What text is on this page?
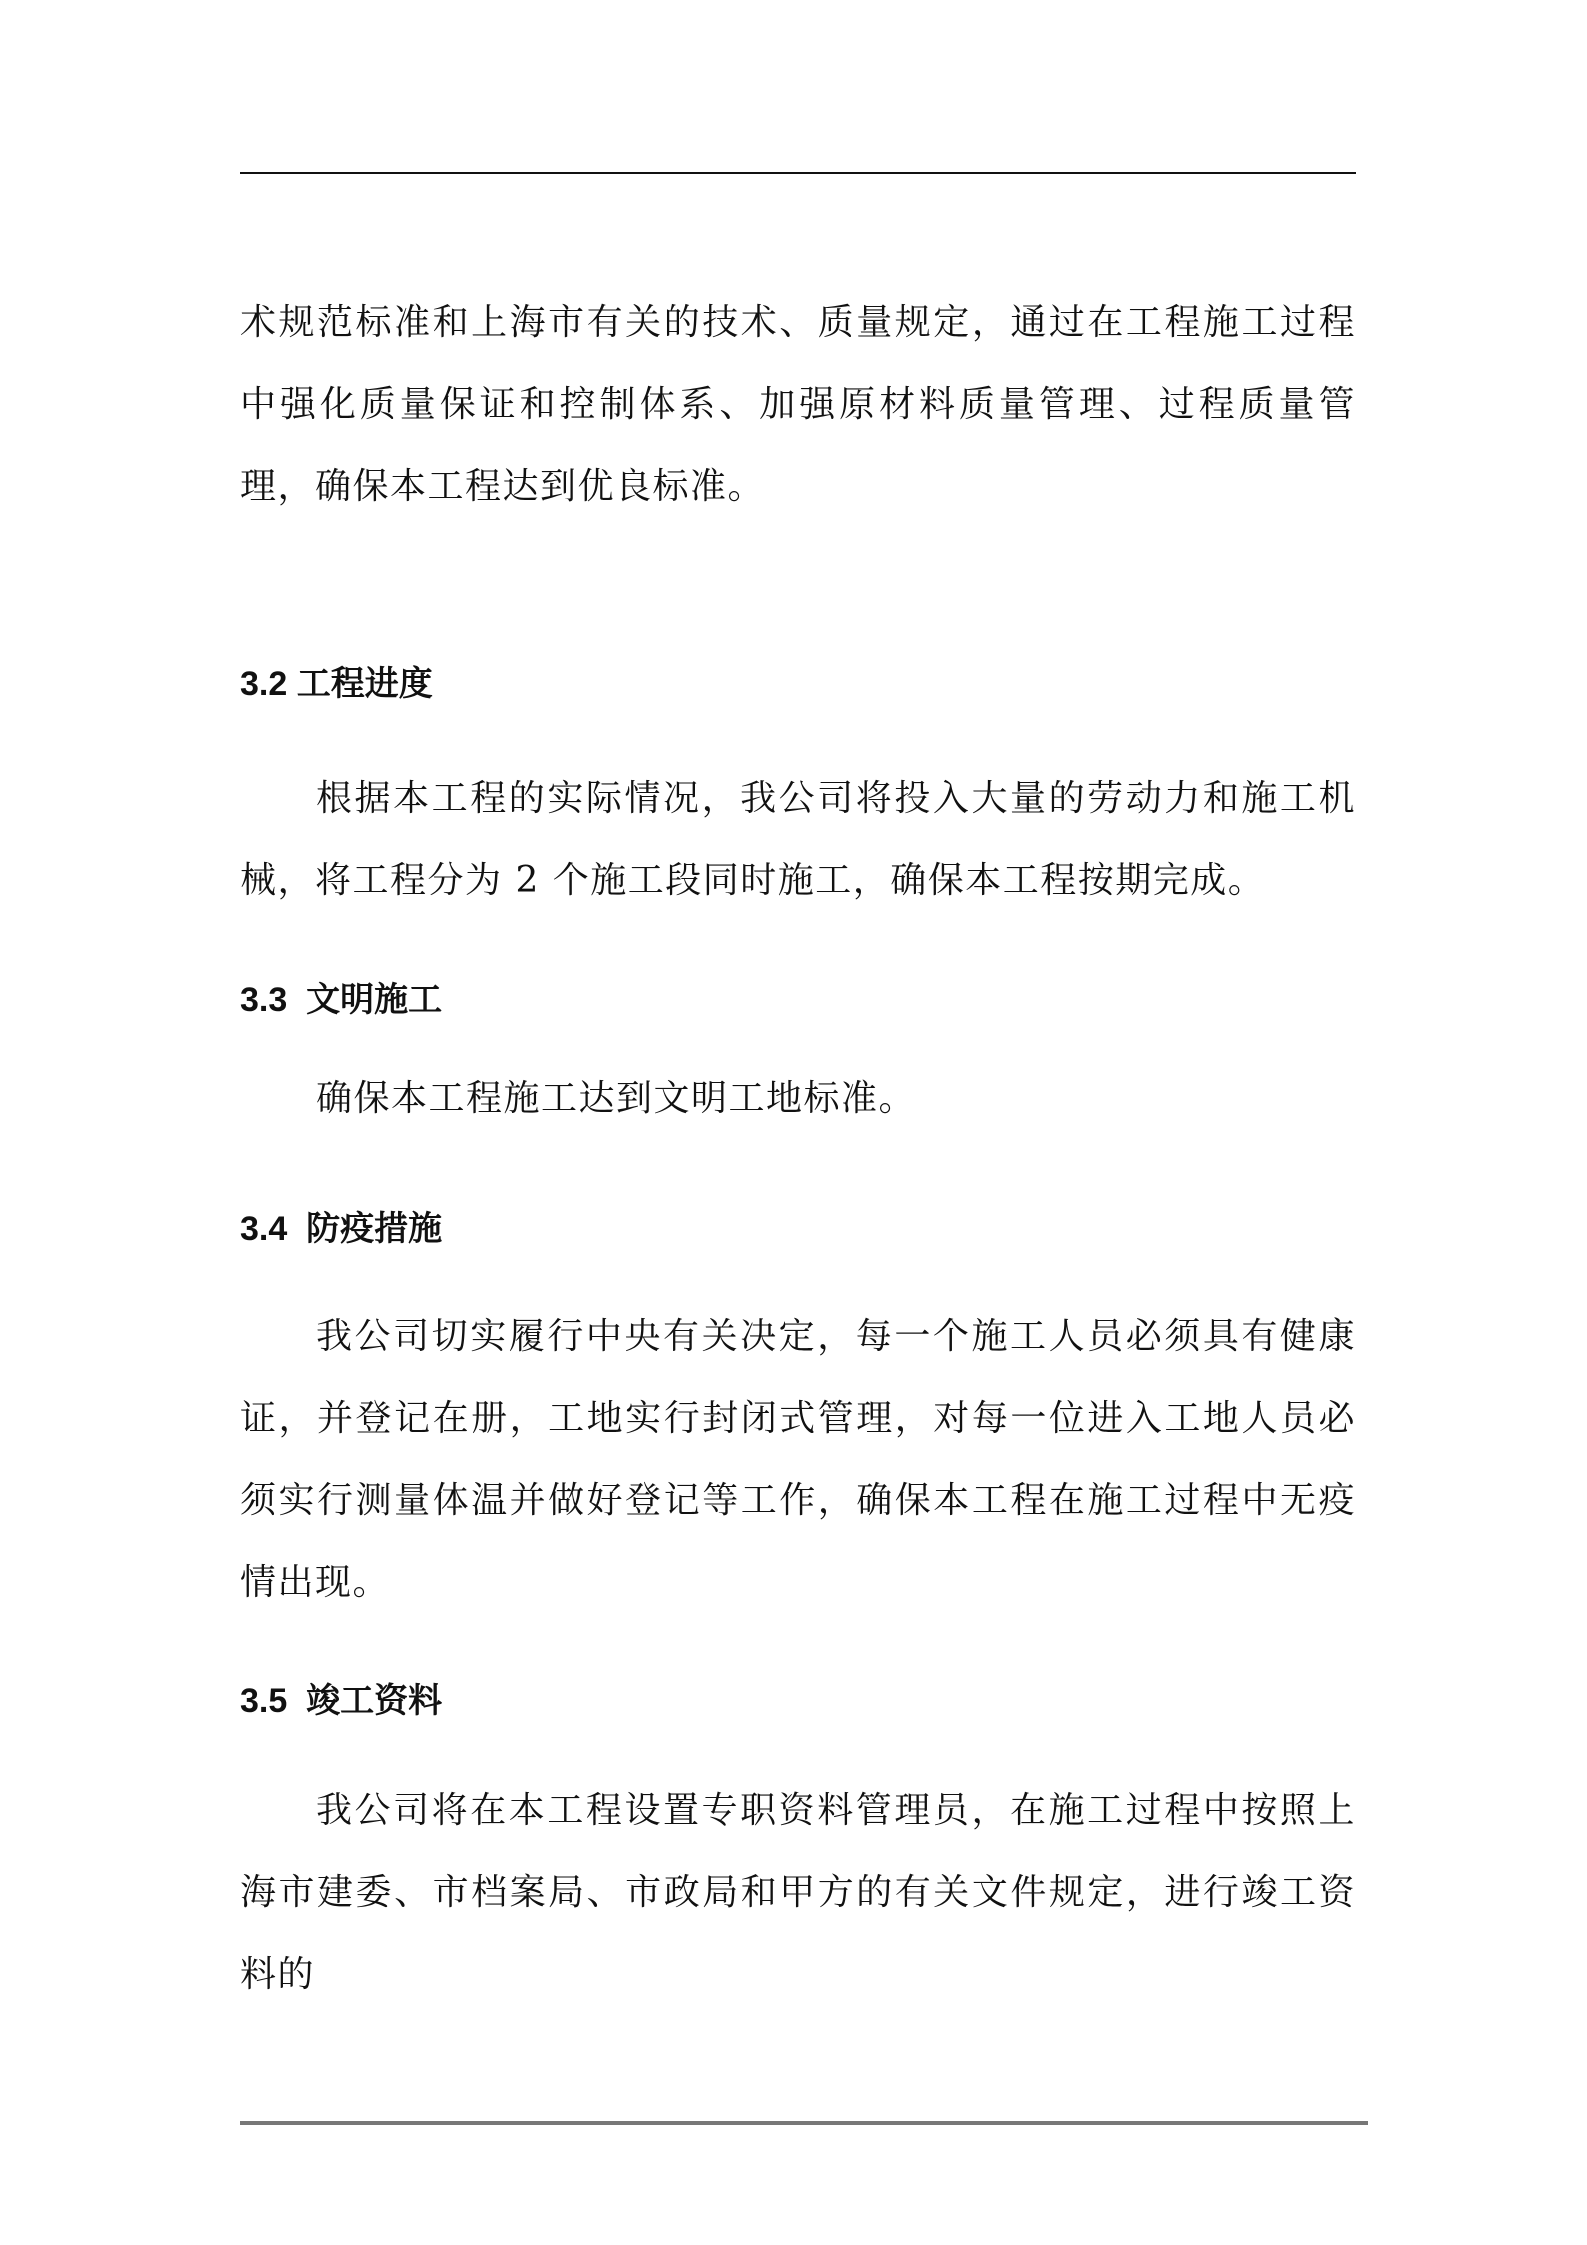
术规范标准和上海市有关的技术、质量规定，通过在工程施工过程中强化质量保证和控制体系、加强原材料质量管理、过程质量管理，确保本工程达到优良标准。

3.2 工程进度

根据本工程的实际情况，我公司将投入大量的劳动力和施工机械，将工程分为 2 个施工段同时施工，确保本工程按期完成。

3.3  文明施工

确保本工程施工达到文明工地标准。

3.4  防疫措施

我公司切实履行中央有关决定，每一个施工人员必须具有健康证，并登记在册，工地实行封闭式管理，对每一位进入工地人员必须实行测量体温并做好登记等工作，确保本工程在施工过程中无疫情出现。

3.5  竣工资料

我公司将在本工程设置专职资料管理员，在施工过程中按照上海市建委、市档案局、市政局和甲方的有关文件规定，进行竣工资料的
